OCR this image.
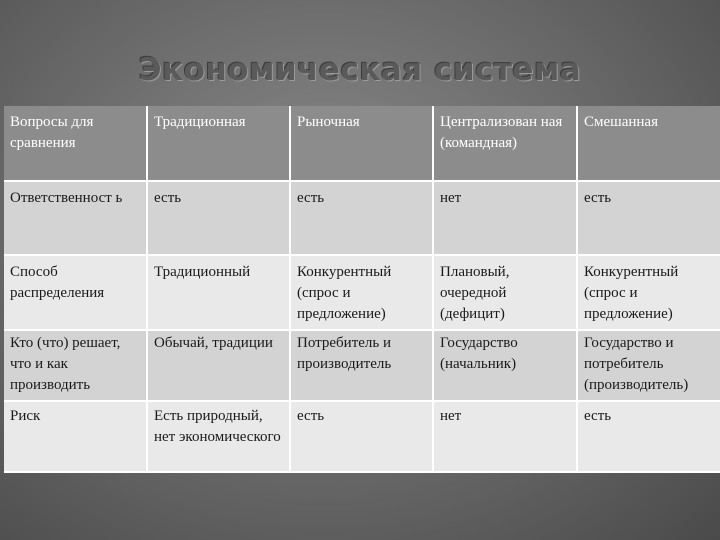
Экономическая система
Вопросы для сравнения	Традиционная	Рыночная	Централизован ная (командная)	Смешанная
Ответственност ь	есть	есть	нет	есть
Способ распределения	Традиционный	Конкурентный (спрос и предложение)	Плановый, очередной (дефицит)	Конкурентный (спрос и предложение)
Кто (что) решает, что и как производить	Обычай, традиции	Потребитель и производитель	Государство (начальник)	Государство и потребитель (производитель)
Риск	Есть природный, нет экономического	есть	нет	есть
